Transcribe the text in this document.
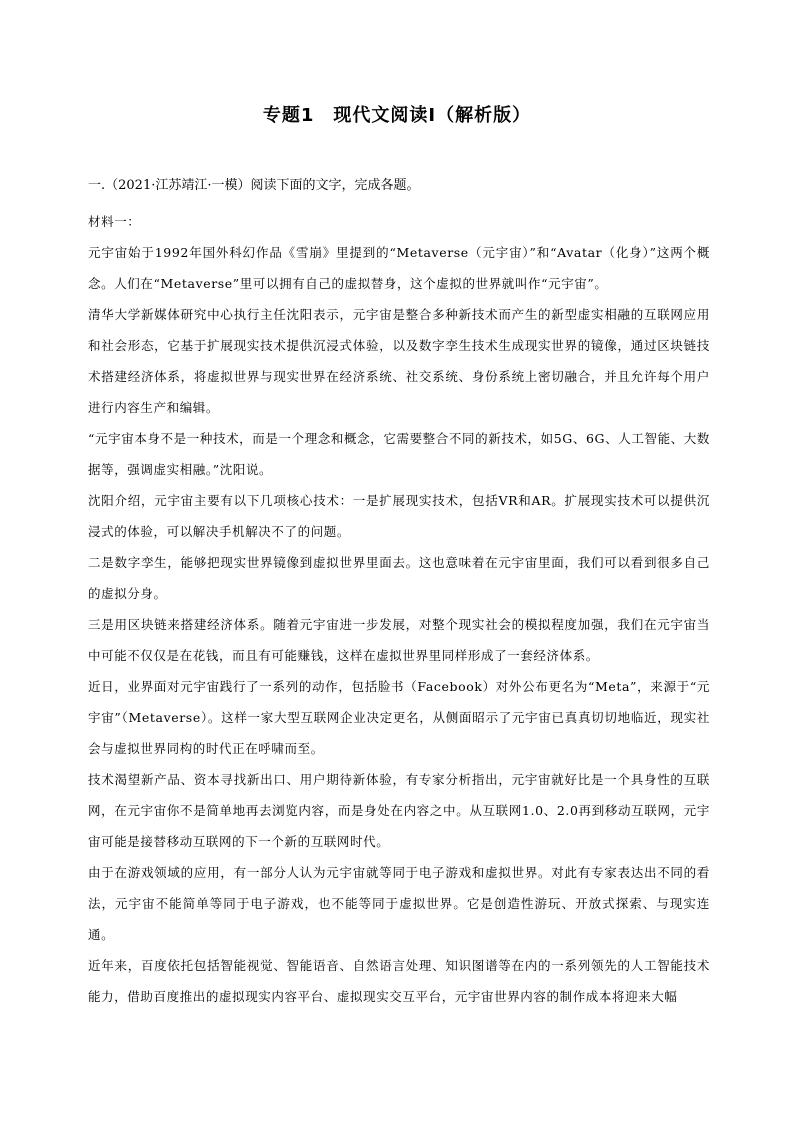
专题1　现代文阅读Ⅰ（解析版）
一.（2021·江苏靖江·一模）阅读下面的文字，完成各题。

材料一：

元宇宙始于1992年国外科幻作品《雪崩》里提到的“Metaverse（元宇宙）”和“Avatar（化身）”这两个概念。人们在“Metaverse”里可以拥有自己的虚拟替身，这个虚拟的世界就叫作“元宇宙”。

清华大学新媒体研究中心执行主任沈阳表示，元宇宙是整合多种新技术而产生的新型虚实相融的互联网应用和社会形态，它基于扩展现实技术提供沉浸式体验，以及数字孪生技术生成现实世界的镜像，通过区块链技术搭建经济体系，将虚拟世界与现实世界在经济系统、社交系统、身份系统上密切融合，并且允许每个用户进行内容生产和编辑。

“元宇宙本身不是一种技术，而是一个理念和概念，它需要整合不同的新技术，如5G、6G、人工智能、大数据等，强调虚实相融。”沈阳说。

沈阳介绍，元宇宙主要有以下几项核心技术：一是扩展现实技术，包括VR和AR。扩展现实技术可以提供沉浸式的体验，可以解决手机解决不了的问题。

二是数字孪生，能够把现实世界镜像到虚拟世界里面去。这也意味着在元宇宙里面，我们可以看到很多自己的虚拟分身。

三是用区块链来搭建经济体系。随着元宇宙进一步发展，对整个现实社会的模拟程度加强，我们在元宇宙当中可能不仅仅是在花钱，而且有可能赚钱，这样在虚拟世界里同样形成了一套经济体系。

近日，业界面对元宇宙践行了一系列的动作，包括脸书（Facebook）对外公布更名为“Meta”，来源于“元宇宙”（Metaverse）。这样一家大型互联网企业决定更名，从侧面昭示了元宇宙已真真切切地临近，现实社会与虚拟世界同构的时代正在呼啸而至。

技术渴望新产品、资本寻找新出口、用户期待新体验，有专家分析指出，元宇宙就好比是一个具身性的互联网，在元宇宙你不是简单地再去浏览内容，而是身处在内容之中。从互联网1.0、2.0再到移动互联网，元宇宙可能是接替移动互联网的下一个新的互联网时代。

由于在游戏领域的应用，有一部分人认为元宇宙就等同于电子游戏和虚拟世界。对此有专家表达出不同的看法，元宇宙不能简单等同于电子游戏，也不能等同于虚拟世界。它是创造性游玩、开放式探索、与现实连通。

近年来，百度依托包括智能视觉、智能语音、自然语言处理、知识图谱等在内的一系列领先的人工智能技术能力，借助百度推出的虚拟现实内容平台、虚拟现实交互平台，元宇宙世界内容的制作成本将迎来大幅
